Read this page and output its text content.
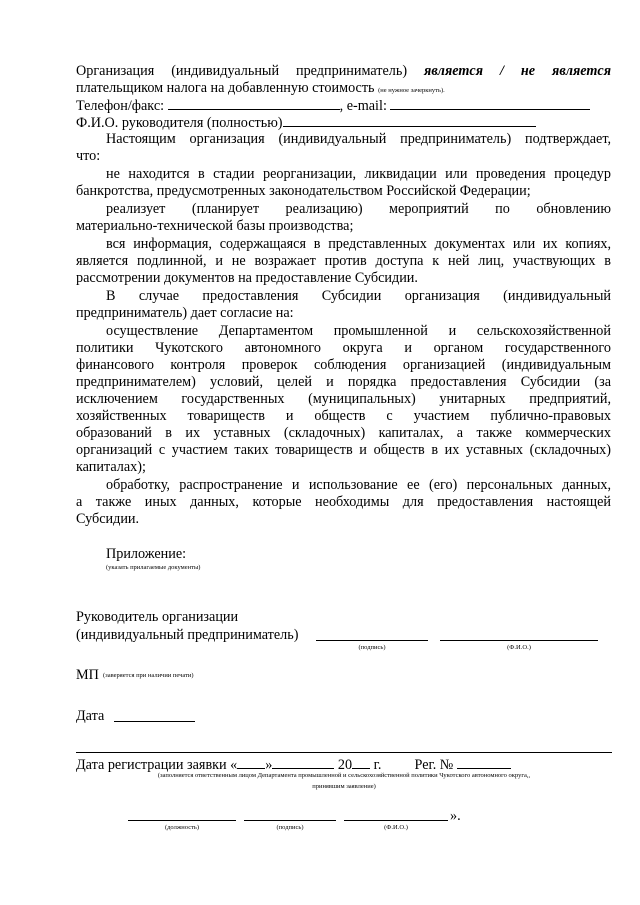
Организация (индивидуальный предприниматель) является / не является
плательщиком налога на добавленную стоимость (не нужное зачеркнуть).
Телефон/факс:	, e-mail:
Ф.И.О. руководителя (полностью)
Настоящим организация (индивидуальный предприниматель) подтверждает,
что:
не находится в стадии реорганизации, ликвидации или проведения процедур
банкротства, предусмотренных законодательством Российской Федерации;
реализует (планирует реализацию) мероприятий по обновлению
материально-технической базы производства;
вся информация, содержащаяся в представленных документах или их копиях,
является подлинной, и не возражает против доступа к ней лиц, участвующих в
рассмотрении документов на предоставление Субсидии.
В случае предоставления Субсидии организация (индивидуальный
предприниматель) дает согласие на:
осуществление Департаментом промышленной и сельскохозяйственной
политики Чукотского автономного округа и органом государственного
финансового контроля проверок соблюдения организацией (индивидуальным
предпринимателем) условий, целей и порядка предоставления Субсидии (за
исключением государственных (муниципальных) унитарных предприятий,
хозяйственных товариществ и обществ с участием публично-правовых
образований в их уставных (складочных) капиталах, а также коммерческих
организаций с участием таких товариществ и обществ в их уставных (складочных)
капиталах);
обработку, распространение и использование ее (его) персональных данных,
а также иных данных, которые необходимы для предоставления настоящей
Субсидии.
Приложение:
(указать прилагаемые документы)
Руководитель организации
(индивидуальный предприниматель)
(подпись)	(Ф.И.О.)
МП (заверяется при наличии печати)
Дата
Дата регистрации заявки « »	20 г. Рег. №
(заполняется ответственным лицом Департамента промышленной и сельскохозяйственной политики Чукотского автономного округа,,
принявшим заявление)
».
(должность)	(подпись)	(Ф.И.О.)
